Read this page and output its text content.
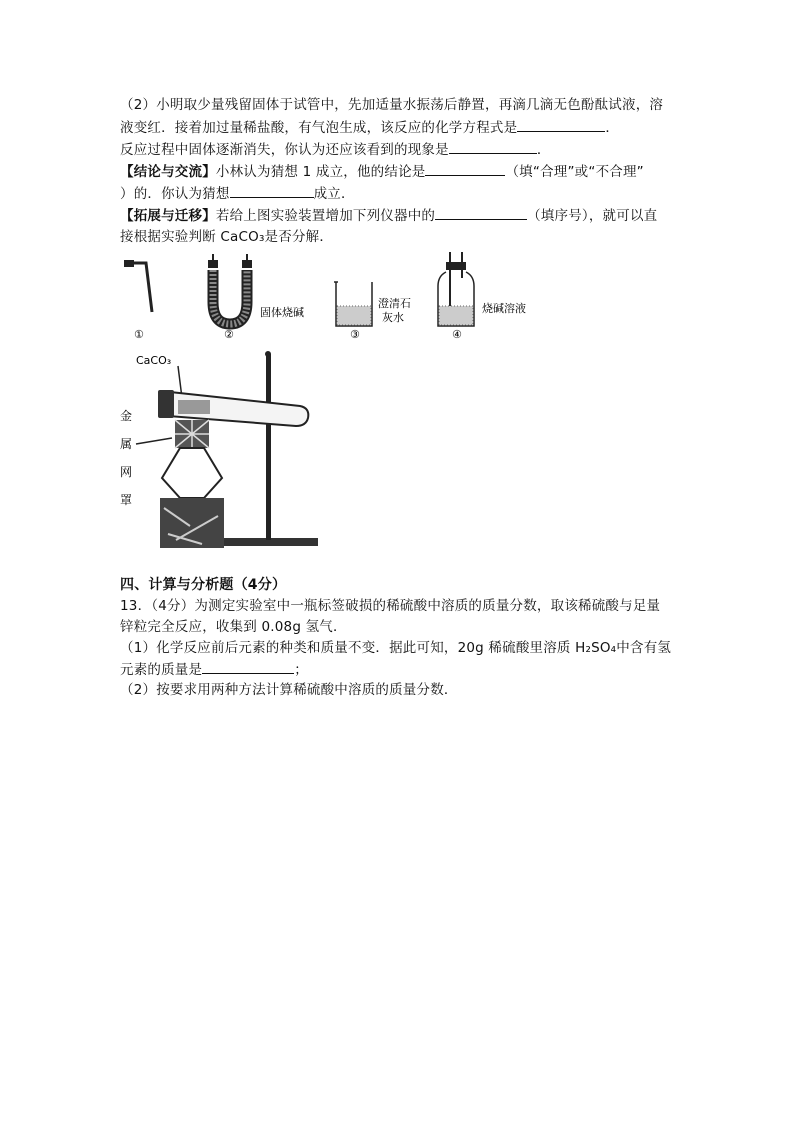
（2）小明取少量残留固体于试管中，先加适量水振荡后静置，再滴几滴无色酚酞试液，溶
液变红．接着加过量稀盐酸，有气泡生成，该反应的化学方程式是	．
反应过程中固体逐渐消失，你认为还应该看到的现象是	．
【结论与交流】小林认为猜想 1 成立，他的结论是	（填“合理”或“不合理”
）的．你认为猜想	成立．
【拓展与迁移】若给上图实验装置增加下列仪器中的	（填序号），就可以直
接根据实验判断 CaCO₃是否分解．
①
固体烧碱
②
澄清石
灰水
③
烧碱溶液
④
CaCO₃
金
属
网
罩
四、计算与分析题（4分）
13．（4分）为测定实验室中一瓶标签破损的稀硫酸中溶质的质量分数，取该稀硫酸与足量
锌粒完全反应，收集到 0.08g 氢气．
（1）化学反应前后元素的种类和质量不变．据此可知，20g 稀硫酸里溶质 H₂SO₄中含有氢
元素的质量是	；
（2）按要求用两种方法计算稀硫酸中溶质的质量分数．
